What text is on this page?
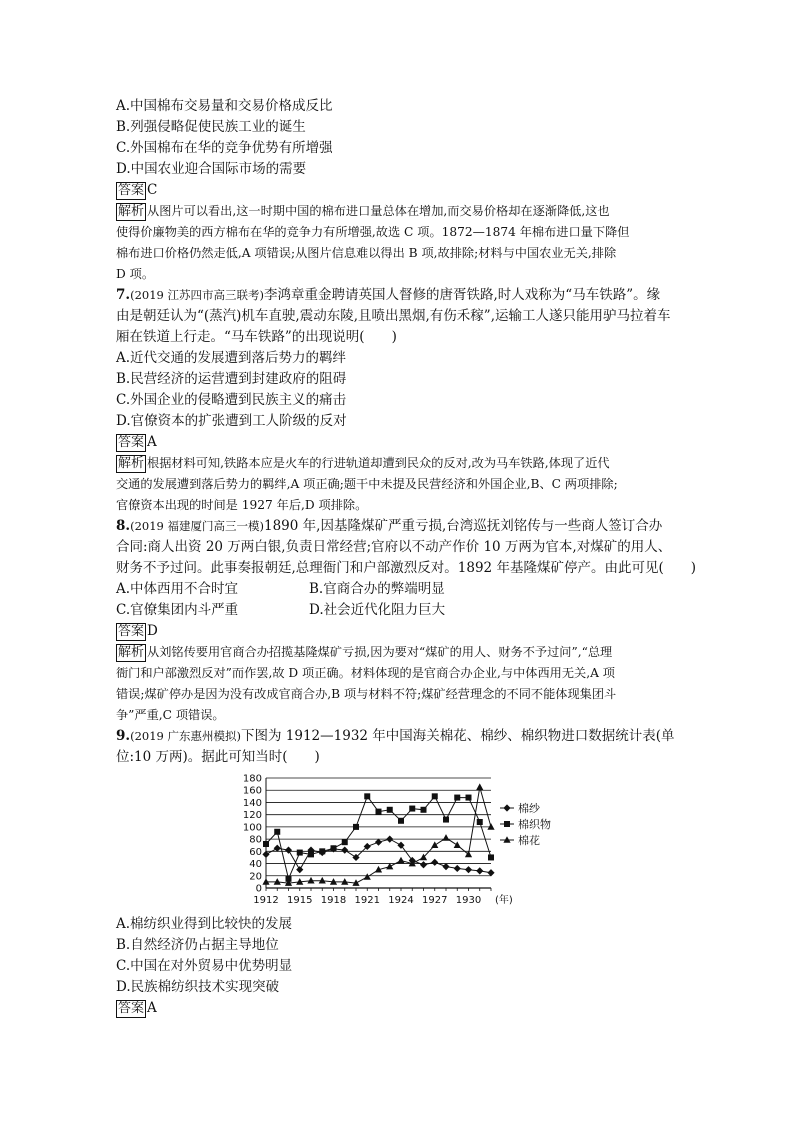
A.中国棉布交易量和交易价格成反比
B.列强侵略促使民族工业的诞生
C.外国棉布在华的竞争优势有所增强
D.中国农业迎合国际市场的需要
答案 C
解析 从图片可以看出,这一时期中国的棉布进口量总体在增加,而交易价格却在逐渐降低,这也
使得价廉物美的西方棉布在华的竞争力有所增强,故选 C 项。1872—1874 年棉布进口量下降但
棉布进口价格仍然走低,A 项错误;从图片信息难以得出 B 项,故排除;材料与中国农业无关,排除
D 项。
7.(2019 江苏四市高三联考)李鸿章重金聘请英国人督修的唐胥铁路,时人戏称为“马车铁路”。缘
由是朝廷认为“(蒸汽)机车直驶,震动东陵,且喷出黑烟,有伤禾稼”,运输工人遂只能用驴马拉着车
厢在铁道上行走。“马车铁路”的出现说明(　　)
A.近代交通的发展遭到落后势力的羁绊
B.民营经济的运营遭到封建政府的阻碍
C.外国企业的侵略遭到民族主义的痛击
D.官僚资本的扩张遭到工人阶级的反对
答案 A
解析 根据材料可知,铁路本应是火车的行进轨道却遭到民众的反对,改为马车铁路,体现了近代
交通的发展遭到落后势力的羁绊,A 项正确;题干中未提及民营经济和外国企业,B、C 两项排除;
官僚资本出现的时间是 1927 年后,D 项排除。
8.(2019 福建厦门高三一模)1890 年,因基隆煤矿严重亏损,台湾巡抚刘铭传与一些商人签订合办
合同:商人出资 20 万两白银,负责日常经营;官府以不动产作价 10 万两为官本,对煤矿的用人、
财务不予过问。此事奏报朝廷,总理衙门和户部激烈反对。1892 年基隆煤矿停产。由此可见(　　)
A.中体西用不合时宜	B.官商合办的弊端明显
C.官僚集团内斗严重	D.社会近代化阻力巨大
答案 D
解析 从刘铭传要用官商合办招揽基隆煤矿亏损,因为要对“煤矿的用人、财务不予过问”,“总理
衙门和户部激烈反对”而作罢,故 D 项正确。材料体现的是官商合办企业,与中体西用无关,A 项
错误;煤矿停办是因为没有改成官商合办,B 项与材料不符;煤矿经营理念的不同不能体现集团斗
争”严重,C 项错误。
9.(2019 广东惠州模拟)下图为 1912—1932 年中国海关棉花、棉纱、棉织物进口数据统计表(单
位:10 万两)。据此可知当时(　　)
0
20
40
60
80
100
120
140
160
180
1912 1915 1918 1921 1924 1927 1930 (年)
棉纱
棉织物
棉花
A.棉纺织业得到比较快的发展
B.自然经济仍占据主导地位
C.中国在对外贸易中优势明显
D.民族棉纺织技术实现突破
答案 A
